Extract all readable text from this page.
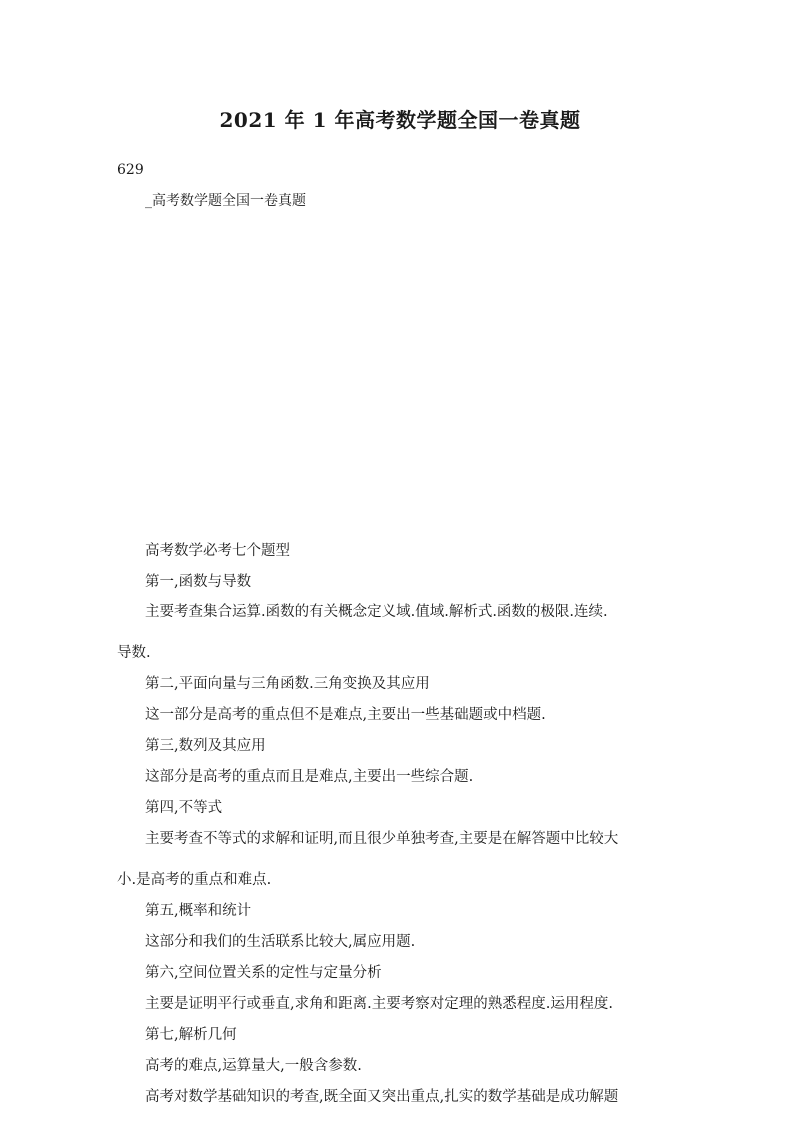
2021 年 1 年高考数学题全国一卷真题
629
_高考数学题全国一卷真题
高考数学必考七个题型
第一,函数与导数
主要考查集合运算.函数的有关概念定义域.值域.解析式.函数的极限.连续.
导数.
第二,平面向量与三角函数.三角变换及其应用
这一部分是高考的重点但不是难点,主要出一些基础题或中档题.
第三,数列及其应用
这部分是高考的重点而且是难点,主要出一些综合题.
第四,不等式
主要考查不等式的求解和证明,而且很少单独考查,主要是在解答题中比较大
小.是高考的重点和难点.
第五,概率和统计
这部分和我们的生活联系比较大,属应用题.
第六,空间位置关系的定性与定量分析
主要是证明平行或垂直,求角和距离.主要考察对定理的熟悉程度.运用程度.
第七,解析几何
高考的难点,运算量大,一般含参数.
高考对数学基础知识的考查,既全面又突出重点,扎实的数学基础是成功解题
